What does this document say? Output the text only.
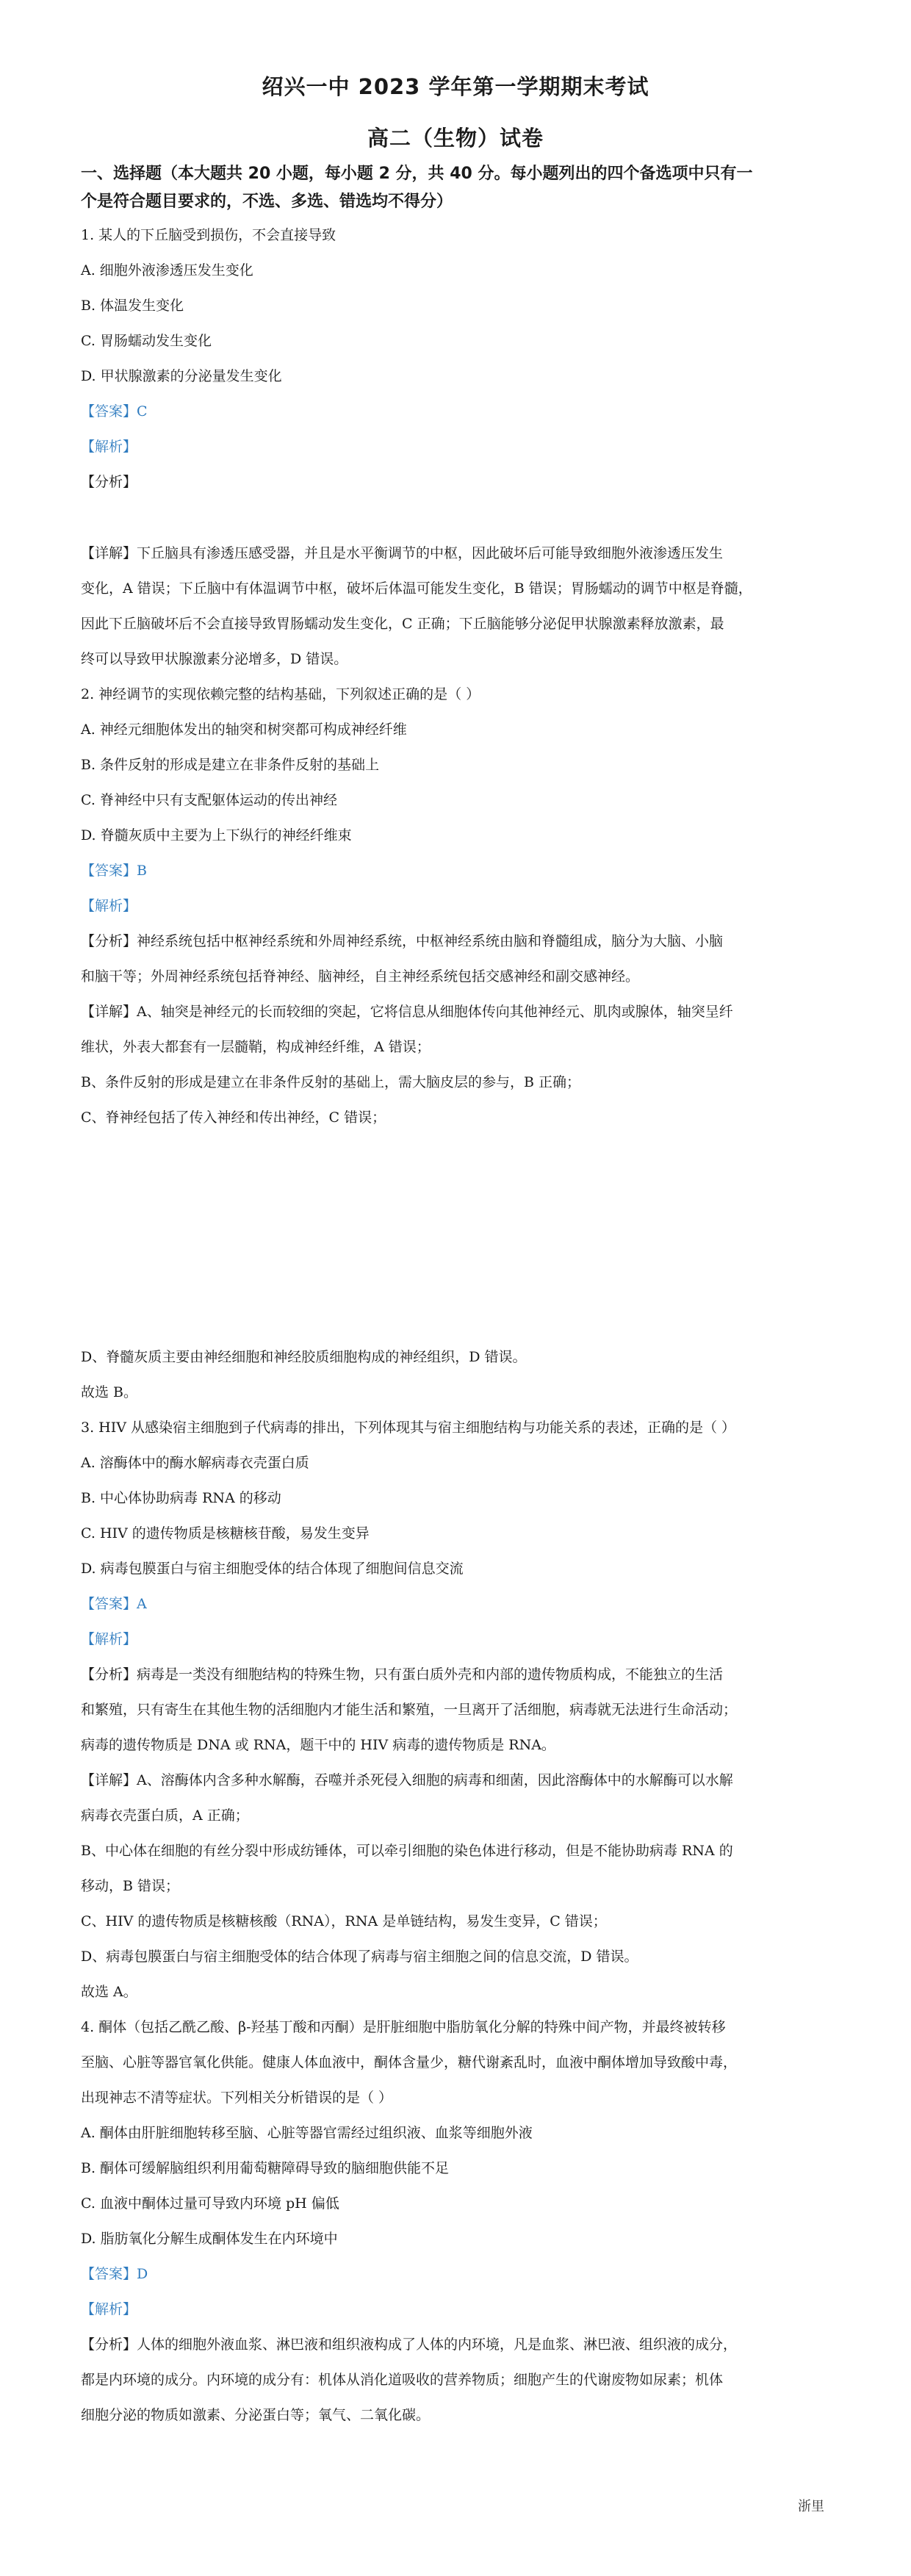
绍兴一中 2023 学年第一学期期末考试
高二（生物）试卷
一、选择题（本大题共 20 小题，每小题 2 分，共 40 分。每小题列出的四个备选项中只有一
个是符合题目要求的，不选、多选、错选均不得分）
1. 某人的下丘脑受到损伤，不会直接导致
A. 细胞外液渗透压发生变化
B. 体温发生变化
C. 胃肠蠕动发生变化
D. 甲状腺激素的分泌量发生变化
【答案】C
【解析】
【分析】
【详解】下丘脑具有渗透压感受器，并且是水平衡调节的中枢，因此破坏后可能导致细胞外液渗透压发生
变化，A 错误；下丘脑中有体温调节中枢，破坏后体温可能发生变化，B 错误；胃肠蠕动的调节中枢是脊髓，
因此下丘脑破坏后不会直接导致胃肠蠕动发生变化，C 正确；下丘脑能够分泌促甲状腺激素释放激素，最
终可以导致甲状腺激素分泌增多，D 错误。
2. 神经调节的实现依赖完整的结构基础，下列叙述正确的是（ ）
A. 神经元细胞体发出的轴突和树突都可构成神经纤维
B. 条件反射的形成是建立在非条件反射的基础上
C. 脊神经中只有支配躯体运动的传出神经
D. 脊髓灰质中主要为上下纵行的神经纤维束
【答案】B
【解析】
【分析】神经系统包括中枢神经系统和外周神经系统，中枢神经系统由脑和脊髓组成，脑分为大脑、小脑
和脑干等；外周神经系统包括脊神经、脑神经，自主神经系统包括交感神经和副交感神经。
【详解】A、轴突是神经元的长而较细的突起，它将信息从细胞体传向其他神经元、肌肉或腺体，轴突呈纤
维状，外表大都套有一层髓鞘，构成神经纤维，A 错误；
B、条件反射的形成是建立在非条件反射的基础上，需大脑皮层的参与，B 正确；
C、脊神经包括了传入神经和传出神经，C 错误；
D、脊髓灰质主要由神经细胞和神经胶质细胞构成的神经组织，D 错误。
故选 B。
3. HIV 从感染宿主细胞到子代病毒的排出，下列体现其与宿主细胞结构与功能关系的表述，正确的是（ ）
A. 溶酶体中的酶水解病毒衣壳蛋白质
B. 中心体协助病毒 RNA 的移动
C. HIV 的遗传物质是核糖核苷酸，易发生变异
D. 病毒包膜蛋白与宿主细胞受体的结合体现了细胞间信息交流
【答案】A
【解析】
【分析】病毒是一类没有细胞结构的特殊生物，只有蛋白质外壳和内部的遗传物质构成，不能独立的生活
和繁殖，只有寄生在其他生物的活细胞内才能生活和繁殖，一旦离开了活细胞，病毒就无法进行生命活动；
病毒的遗传物质是 DNA 或 RNA，题干中的 HIV 病毒的遗传物质是 RNA。
【详解】A、溶酶体内含多种水解酶，吞噬并杀死侵入细胞的病毒和细菌，因此溶酶体中的水解酶可以水解
病毒衣壳蛋白质，A 正确；
B、中心体在细胞的有丝分裂中形成纺锤体，可以牵引细胞的染色体进行移动，但是不能协助病毒 RNA 的
移动，B 错误；
C、HIV 的遗传物质是核糖核酸（RNA），RNA 是单链结构，易发生变异，C 错误；
D、病毒包膜蛋白与宿主细胞受体的结合体现了病毒与宿主细胞之间的信息交流，D 错误。
故选 A。
4. 酮体（包括乙酰乙酸、β-羟基丁酸和丙酮）是肝脏细胞中脂肪氧化分解的特殊中间产物，并最终被转移
至脑、心脏等器官氧化供能。健康人体血液中，酮体含量少，糖代谢紊乱时，血液中酮体增加导致酸中毒，
出现神志不清等症状。下列相关分析错误的是（ ）
A. 酮体由肝脏细胞转移至脑、心脏等器官需经过组织液、血浆等细胞外液
B. 酮体可缓解脑组织利用葡萄糖障碍导致的脑细胞供能不足
C. 血液中酮体过量可导致内环境 pH 偏低
D. 脂肪氧化分解生成酮体发生在内环境中
【答案】D
【解析】
【分析】人体的细胞外液血浆、淋巴液和组织液构成了人体的内环境，凡是血浆、淋巴液、组织液的成分，
都是内环境的成分。内环境的成分有：机体从消化道吸收的营养物质；细胞产生的代谢废物如尿素；机体
细胞分泌的物质如激素、分泌蛋白等；氧气、二氧化碳。
浙里
